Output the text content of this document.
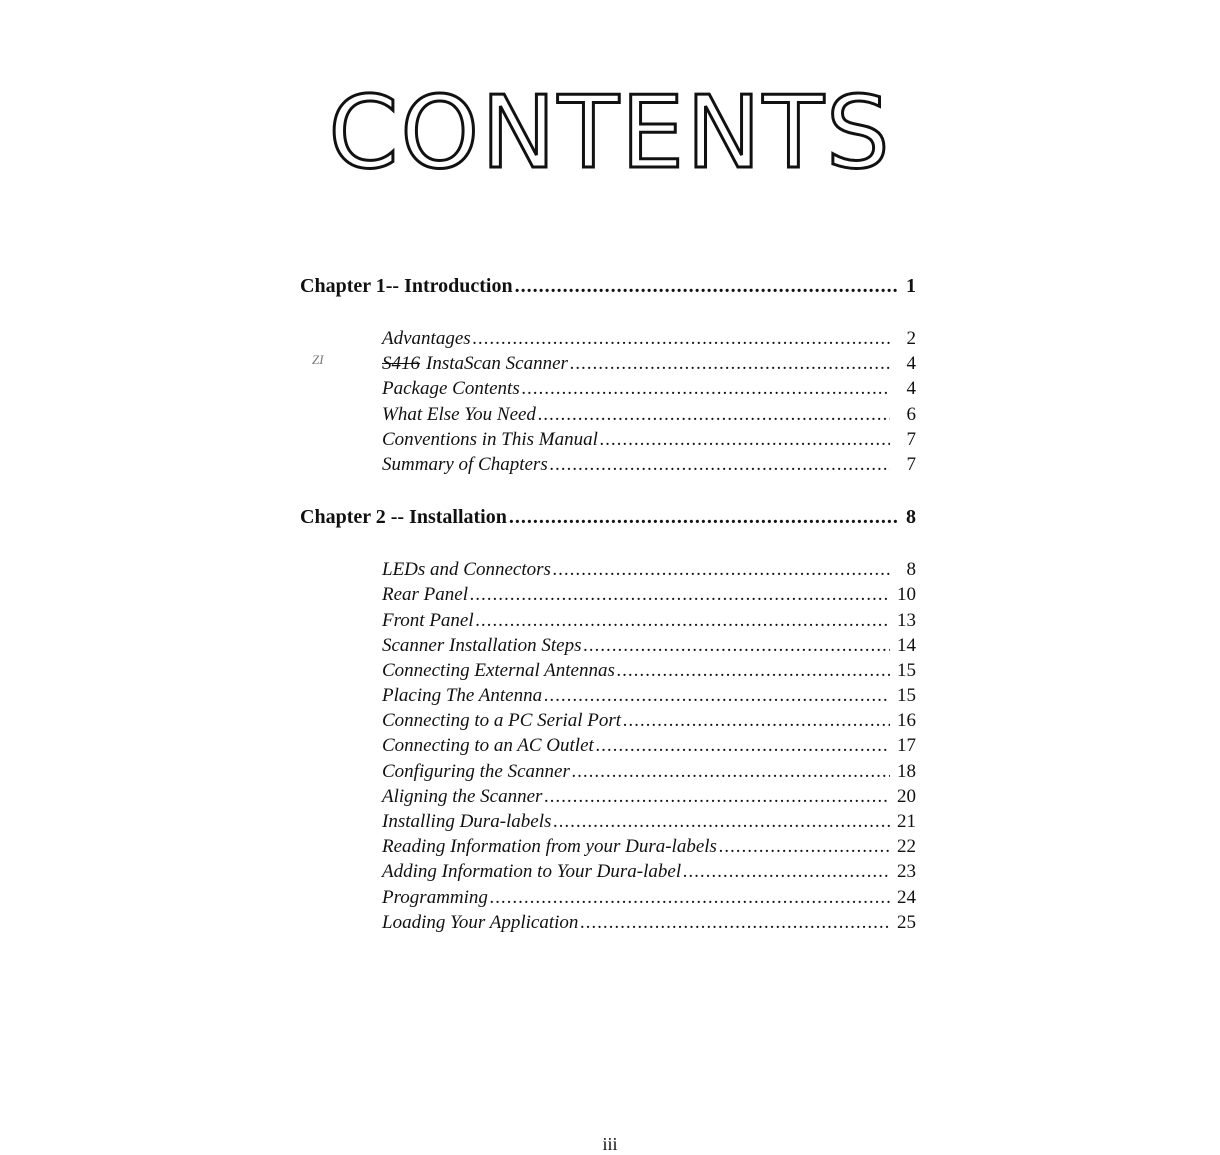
CONTENTS
ZI
Chapter 1-- Introduction .....	1
Advantages .....	2
S416 InstaScan Scanner .....	4
Package Contents .....	4
What Else You Need .....	6
Conventions in This Manual .....	7
Summary of Chapters .....	7
Chapter 2 -- Installation .....	8
LEDs and Connectors .....	8
Rear Panel .....	10
Front Panel .....	13
Scanner Installation Steps .....	14
Connecting External Antennas .....	15
Placing The Antenna .....	15
Connecting to a PC Serial Port .....	16
Connecting to an AC Outlet .....	17
Configuring the Scanner .....	18
Aligning the Scanner .....	20
Installing Dura-labels .....	21
Reading Information from your Dura-labels .....	22
Adding Information to Your Dura-label .....	23
Programming .....	24
Loading Your Application .....	25
iii
